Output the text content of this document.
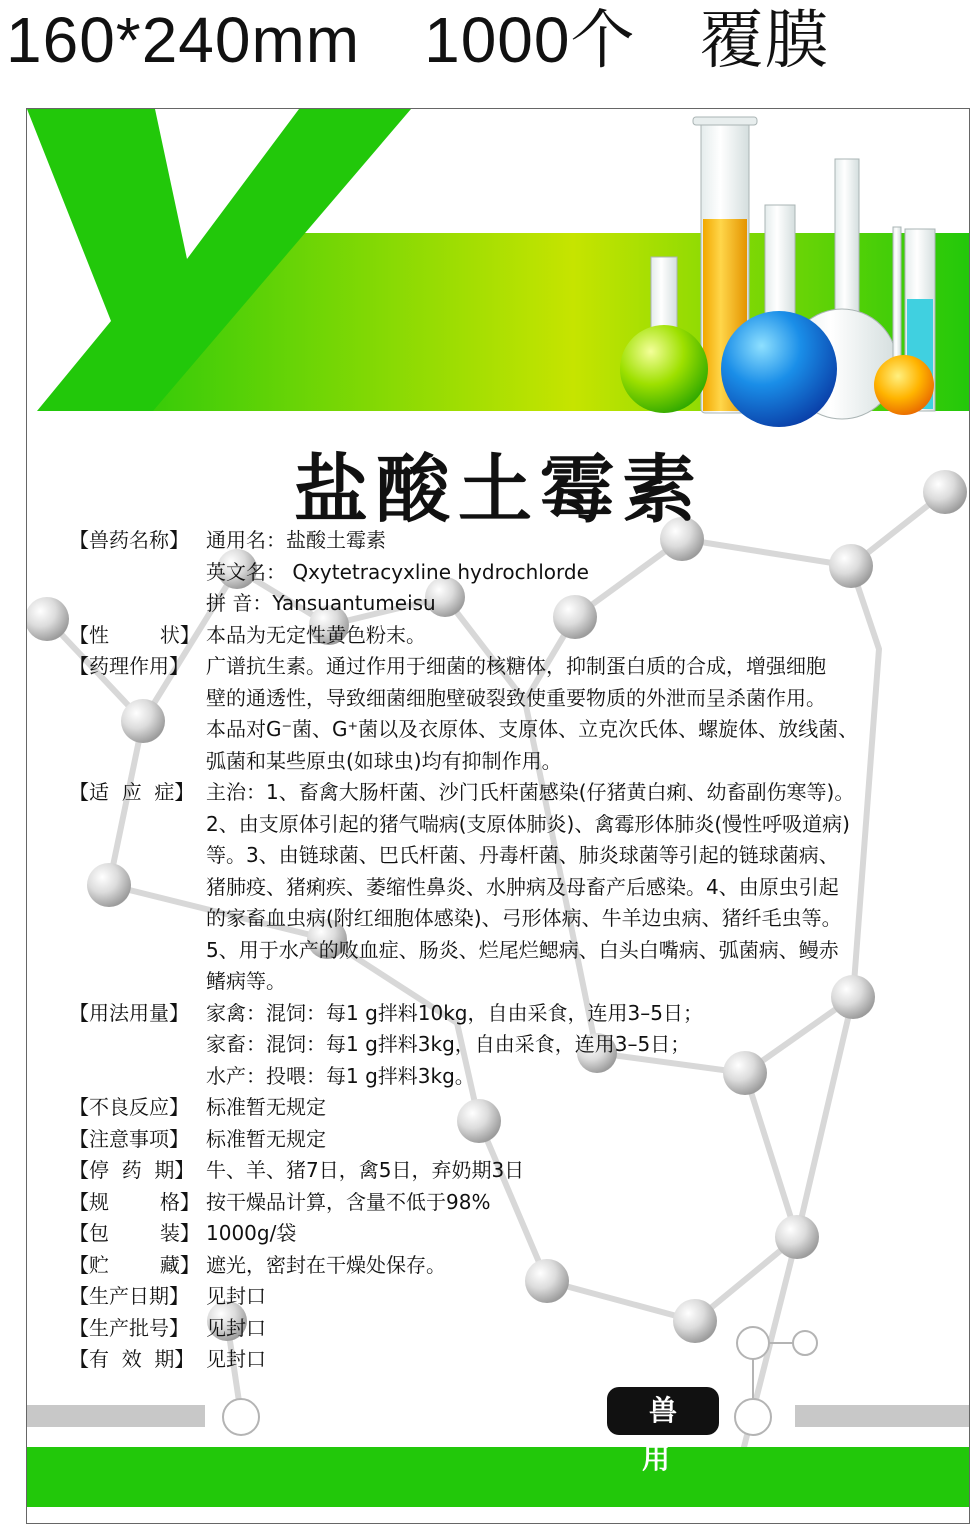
160*240mm 1000个 覆膜
盐酸土霉素
【兽药名称】 通用名：盐酸土霉素
英文名： Qxytetracyxline hydrochlorde
拼 音：Yansuantumeisu
【性        状】 本品为无定性黄色粉末。
【药理作用】 广谱抗生素。通过作用于细菌的核糖体，抑制蛋白质的合成，增强细胞
壁的通透性，导致细菌细胞壁破裂致使重要物质的外泄而呈杀菌作用。
本品对G⁻菌、G⁺菌以及衣原体、支原体、立克次氏体、螺旋体、放线菌、
弧菌和某些原虫(如球虫)均有抑制作用。
【适  应  症】 主治：1、畜禽大肠杆菌、沙门氏杆菌感染(仔猪黄白痢、幼畜副伤寒等)。
2、由支原体引起的猪气喘病(支原体肺炎)、禽霉形体肺炎(慢性呼吸道病)
等。3、由链球菌、巴氏杆菌、丹毒杆菌、肺炎球菌等引起的链球菌病、
猪肺疫、猪痢疾、萎缩性鼻炎、水肿病及母畜产后感染。4、由原虫引起
的家畜血虫病(附红细胞体感染)、弓形体病、牛羊边虫病、猪纤毛虫等。
5、用于水产的败血症、肠炎、烂尾烂鳃病、白头白嘴病、弧菌病、鳗赤
鳍病等。
【用法用量】 家禽：混饲：每1 g拌料10kg，自由采食，连用3–5日；
家畜：混饲：每1 g拌料3kg，自由采食，连用3–5日；
水产：投喂：每1 g拌料3kg。
【不良反应】 标准暂无规定
【注意事项】 标准暂无规定
【停  药  期】 牛、羊、猪7日，禽5日，弃奶期3日
【规        格】 按干燥品计算，含量不低于98%
【包        装】 1000g/袋
【贮        藏】 遮光，密封在干燥处保存。
【生产日期】 见封口
【生产批号】 见封口
【有  效  期】 见封口
兽 用
